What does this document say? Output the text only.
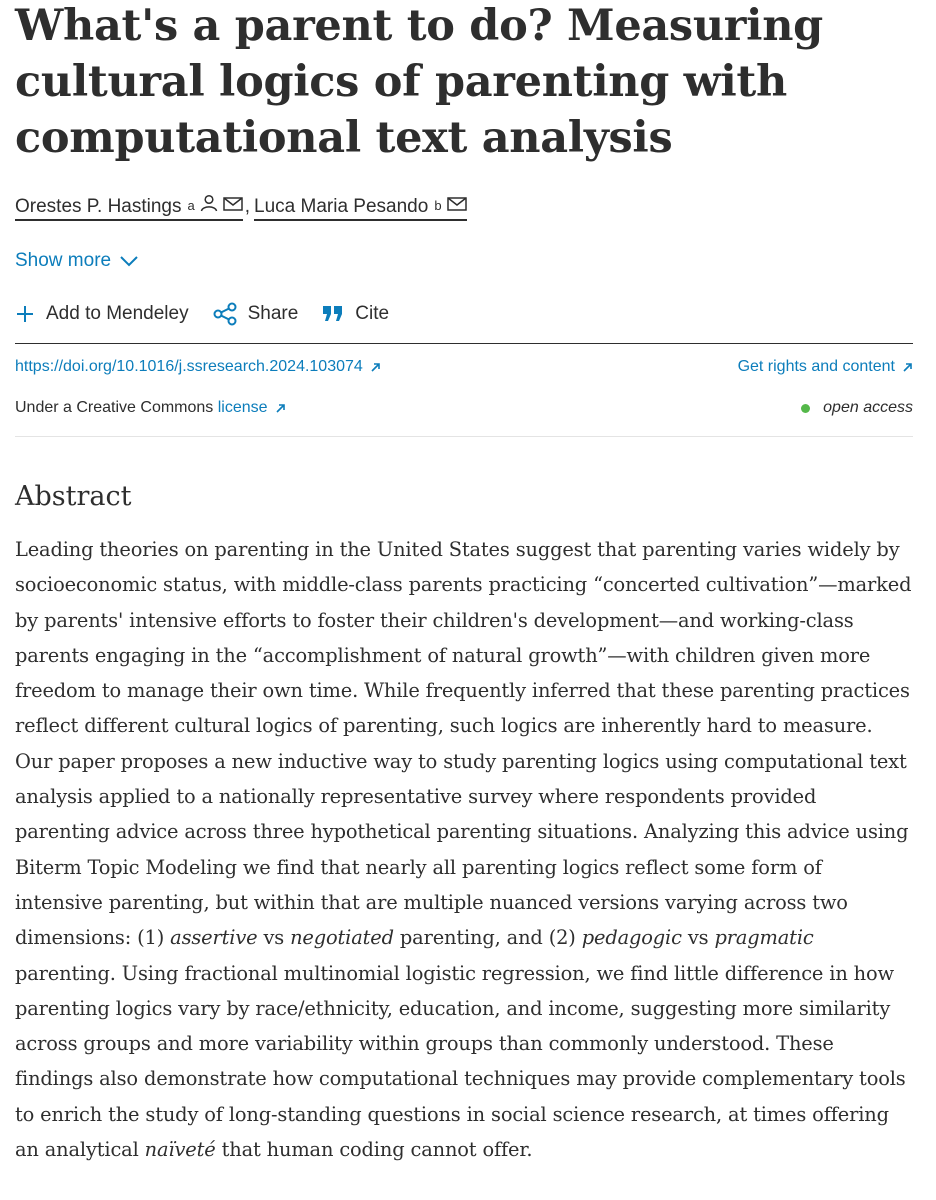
What's a parent to do? Measuring cultural logics of parenting with computational text analysis
Orestes P. Hastings $^a$	, Luca Maria Pesando $^b$
Show more
Add to Mendeley	Share	Cite
https://doi.org/10.1016/j.ssresearch.2024.103074	Get rights and content
Under a Creative Commons license	open access
Abstract

Leading theories on parenting in the United States suggest that parenting varies widely by socioeconomic status, with middle-class parents practicing “concerted cultivation”—marked by parents' intensive efforts to foster their children's development—and working-class parents engaging in the “accomplishment of natural growth”—with children given more freedom to manage their own time. While frequently inferred that these parenting practices reflect different cultural logics of parenting, such logics are inherently hard to measure. Our paper proposes a new inductive way to study parenting logics using computational text analysis applied to a nationally representative survey where respondents provided parenting advice across three hypothetical parenting situations. Analyzing this advice using Biterm Topic Modeling we find that nearly all parenting logics reflect some form of intensive parenting, but within that are multiple nuanced versions varying across two dimensions: (1) assertive vs negotiated parenting, and (2) pedagogic vs pragmatic parenting. Using fractional multinomial logistic regression, we find little difference in how parenting logics vary by race/ethnicity, education, and income, suggesting more similarity across groups and more variability within groups than commonly understood. These findings also demonstrate how computational techniques may provide complementary tools to enrich the study of long-standing questions in social science research, at times offering an analytical naïveté that human coding cannot offer.
